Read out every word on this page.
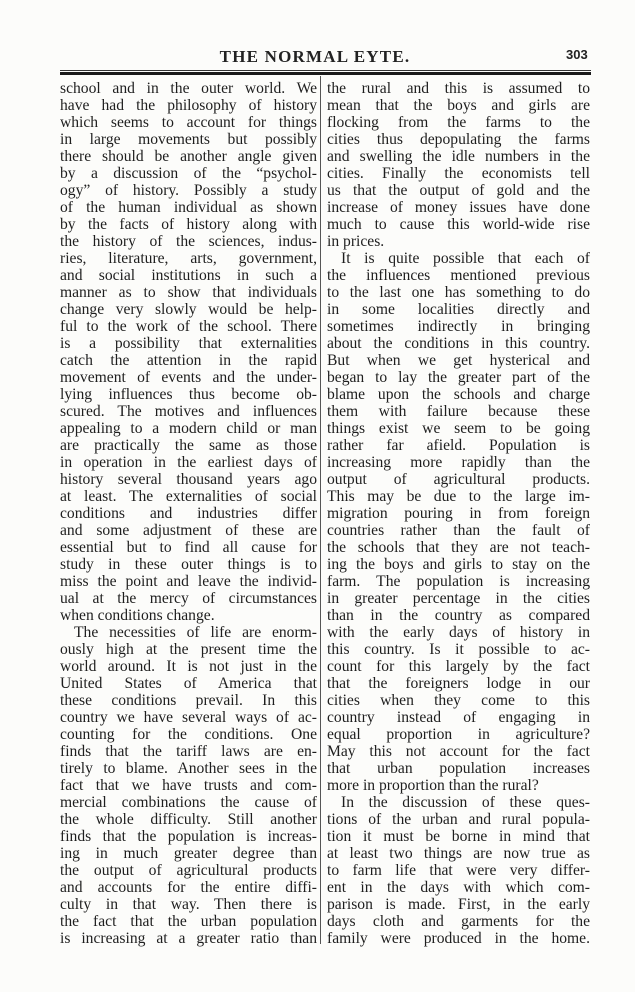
THE NORMAL EYTE.	303
school and in the outer world. We
have had the philosophy of history
which seems to account for things
in large movements but possibly
there should be another angle given
by a discussion of the “psychol-
ogy” of history. Possibly a study
of the human individual as shown
by the facts of history along with
the history of the sciences, indus-
ries, literature, arts, government,
and social institutions in such a
manner as to show that individuals
change very slowly would be help-
ful to the work of the school. There
is a possibility that externalities
catch the attention in the rapid
movement of events and the under-
lying influences thus become ob-
scured. The motives and influences
appealing to a modern child or man
are practically the same as those
in operation in the earliest days of
history several thousand years ago
at least. The externalities of social
conditions and industries differ
and some adjustment of these are
essential but to find all cause for
study in these outer things is to
miss the point and leave the individ-
ual at the mercy of circumstances
when conditions change.
The necessities of life are enorm-
ously high at the present time the
world around. It is not just in the
United States of America that
these conditions prevail. In this
country we have several ways of ac-
counting for the conditions. One
finds that the tariff laws are en-
tirely to blame. Another sees in the
fact that we have trusts and com-
mercial combinations the cause of
the whole difficulty. Still another
finds that the population is increas-
ing in much greater degree than
the output of agricultural products
and accounts for the entire diffi-
culty in that way. Then there is
the fact that the urban population
is increasing at a greater ratio than
the rural and this is assumed to
mean that the boys and girls are
flocking from the farms to the
cities thus depopulating the farms
and swelling the idle numbers in the
cities. Finally the economists tell
us that the output of gold and the
increase of money issues have done
much to cause this world-wide rise
in prices.
It is quite possible that each of
the influences mentioned previous
to the last one has something to do
in some localities directly and
sometimes indirectly in bringing
about the conditions in this country.
But when we get hysterical and
began to lay the greater part of the
blame upon the schools and charge
them with failure because these
things exist we seem to be going
rather far afield. Population is
increasing more rapidly than the
output of agricultural products.
This may be due to the large im-
migration pouring in from foreign
countries rather than the fault of
the schools that they are not teach-
ing the boys and girls to stay on the
farm. The population is increasing
in greater percentage in the cities
than in the country as compared
with the early days of history in
this country. Is it possible to ac-
count for this largely by the fact
that the foreigners lodge in our
cities when they come to this
country instead of engaging in
equal proportion in agriculture?
May this not account for the fact
that urban population increases
more in proportion than the rural?
In the discussion of these ques-
tions of the urban and rural popula-
tion it must be borne in mind that
at least two things are now true as
to farm life that were very differ-
ent in the days with which com-
parison is made. First, in the early
days cloth and garments for the
family were produced in the home.
